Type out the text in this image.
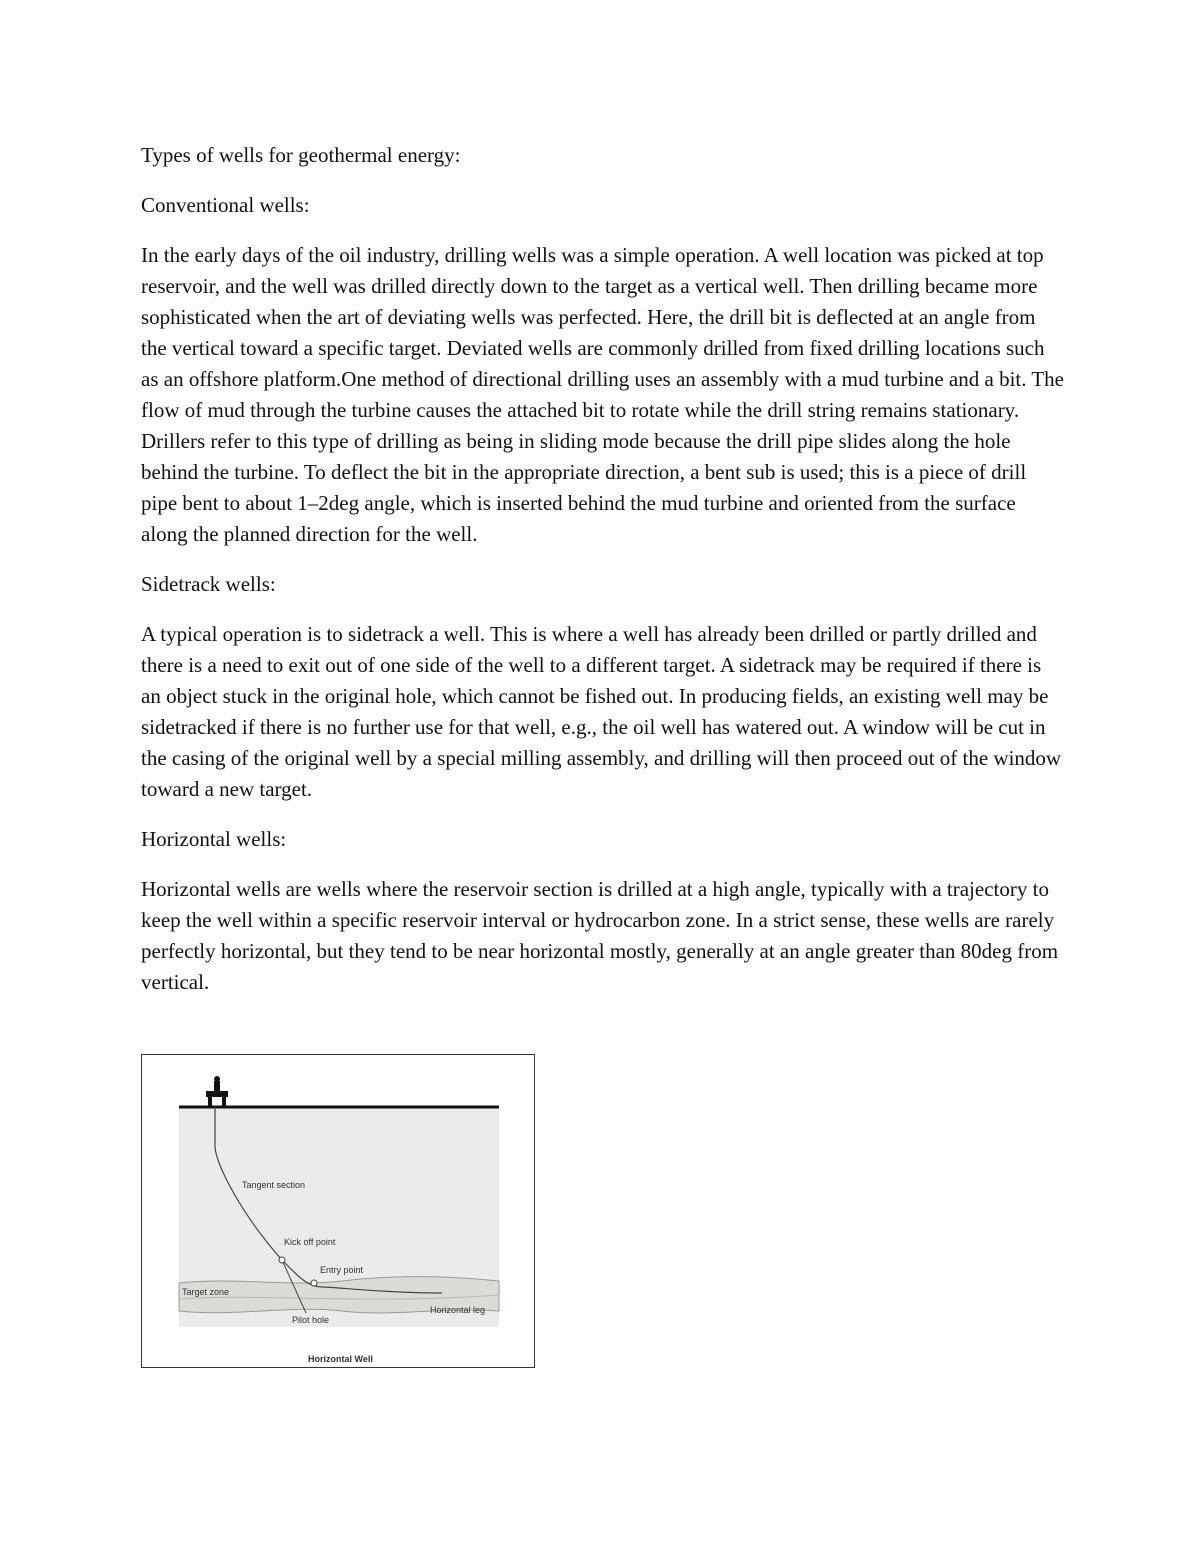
Types of wells for geothermal energy:

Conventional wells:

In the early days of the oil industry, drilling wells was a simple operation. A well location was picked at top reservoir, and the well was drilled directly down to the target as a vertical well. Then drilling became more sophisticated when the art of deviating wells was perfected. Here, the drill bit is deflected at an angle from the vertical toward a specific target. Deviated wells are commonly drilled from fixed drilling locations such as an offshore platform.One method of directional drilling uses an assembly with a mud turbine and a bit. The flow of mud through the turbine causes the attached bit to rotate while the drill string remains stationary. Drillers refer to this type of drilling as being in sliding mode because the drill pipe slides along the hole behind the turbine. To deflect the bit in the appropriate direction, a bent sub is used; this is a piece of drill pipe bent to about 1–2deg angle, which is inserted behind the mud turbine and oriented from the surface along the planned direction for the well.

Sidetrack wells:

A typical operation is to sidetrack a well. This is where a well has already been drilled or partly drilled and there is a need to exit out of one side of the well to a different target. A sidetrack may be required if there is an object stuck in the original hole, which cannot be fished out. In producing fields, an existing well may be sidetracked if there is no further use for that well, e.g., the oil well has watered out. A window will be cut in the casing of the original well by a special milling assembly, and drilling will then proceed out of the window toward a new target.

Horizontal wells:

Horizontal wells are wells where the reservoir section is drilled at a high angle, typically with a trajectory to keep the well within a specific reservoir interval or hydrocarbon zone. In a strict sense, these wells are rarely perfectly horizontal, but they tend to be near horizontal mostly, generally at an angle greater than 80deg from vertical.

Tangent section
Kick off point
Entry point
Target zone
Horizontal leg
Pilot hole
Horizontal Well
